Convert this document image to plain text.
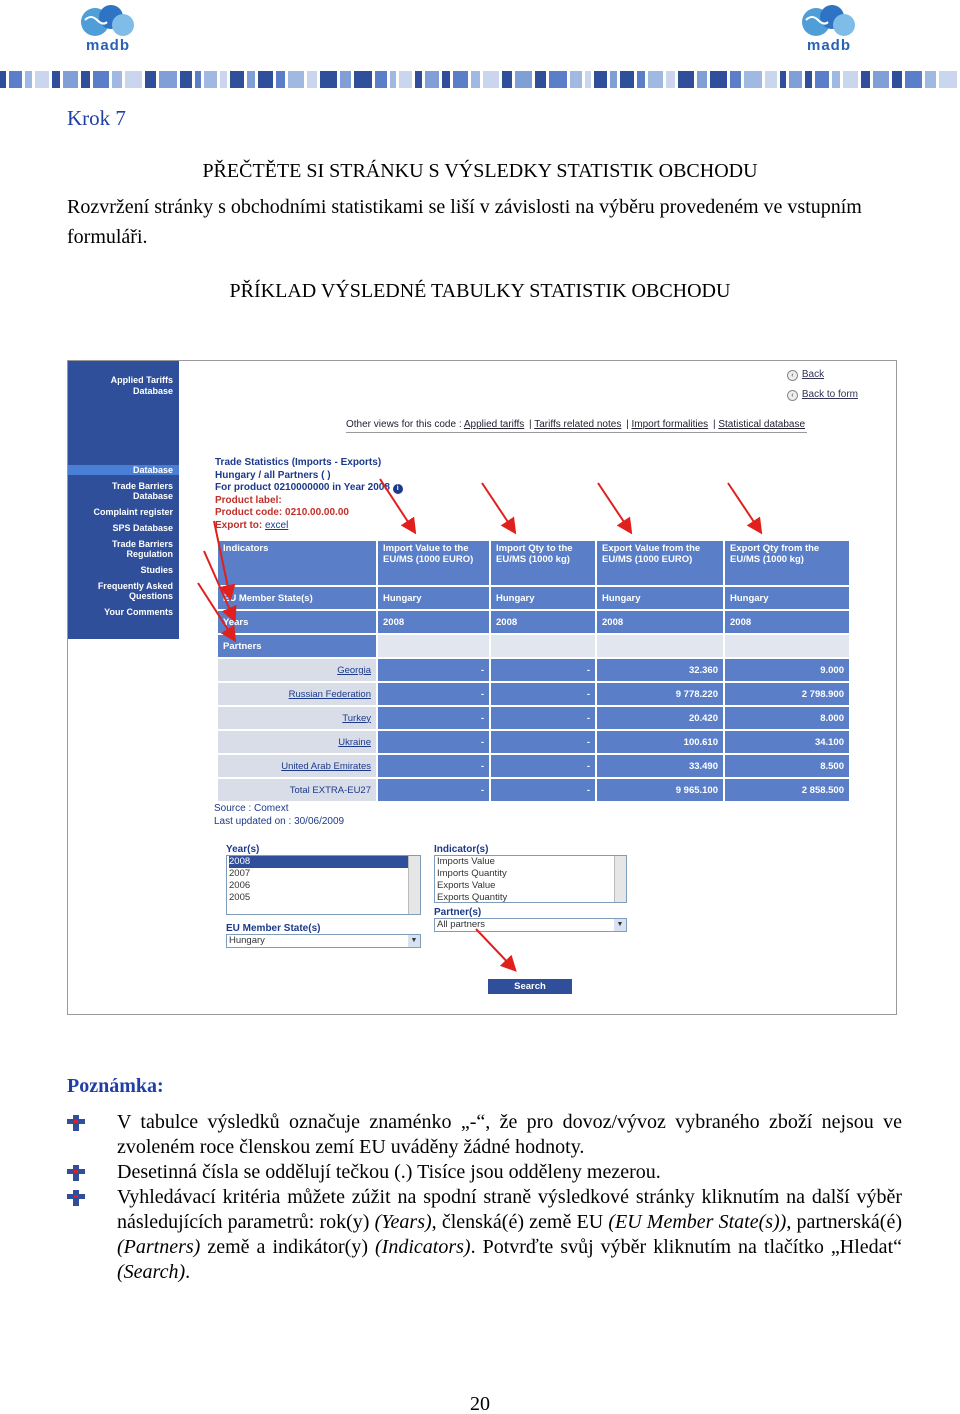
madb	madb
Krok 7
PŘEČTĚTE SI STRÁNKU S VÝSLEDKY STATISTIK OBCHODU
Rozvržení stránky s obchodními statistikami se liší v závislosti na výběru provedeném ve vstupním formuláři.
PŘÍKLAD VÝSLEDNÉ TABULKY STATISTIK OBCHODU
Applied Tariffs Database
Database
Trade Barriers Database
Complaint register
SPS Database
Trade Barriers Regulation
Studies
Frequently Asked Questions
Your Comments
‹ Back
‹ Back to form
Other views for this code : Applied tariffs | Tariffs related notes | Import formalities | Statistical database
Trade Statistics (Imports - Exports)
Hungary / all Partners ( )
For product 0210000000 in Year 2008 i
Product label:
Product code: 0210.00.00.00
Export to: excel
Indicators	Import Value to the EU/MS (1000 EURO)	Import Qty to the EU/MS (1000 kg)	Export Value from the EU/MS (1000 EURO)	Export Qty from the EU/MS (1000 kg)
EU Member State(s)	Hungary	Hungary	Hungary	Hungary
Years	2008	2008	2008	2008
Partners				
Georgia	-	-	32.360	9.000
Russian Federation	-	-	9 778.220	2 798.900
Turkey	-	-	20.420	8.000
Ukraine	-	-	100.610	34.100
United Arab Emirates	-	-	33.490	8.500
Total EXTRA-EU27	-	-	9 965.100	2 858.500
Source : Comext
Last updated on : 30/06/2009
Year(s)
2008
2007
2006
2005
EU Member State(s)
Hungary	▼
Indicator(s)
Imports Value
Imports Quantity
Exports Value
Exports Quantity
Partner(s)
All partners	▼
Search
Poznámka:
V tabulce výsledků označuje znaménko „-“, že pro dovoz/vývoz vybraného zboží nejsou ve zvoleném roce členskou zemí EU uváděny žádné hodnoty.
Desetinná čísla se oddělují tečkou (.) Tisíce jsou odděleny mezerou.
Vyhledávací kritéria můžete zúžit na spodní straně výsledkové stránky kliknutím na další výběr následujících parametrů: rok(y) (Years), členská(é) země EU (EU Member State(s)), partnerská(é) (Partners) země a indikátor(y) (Indicators). Potvrďte svůj výběr kliknutím na tlačítko „Hledat“ (Search).
20
